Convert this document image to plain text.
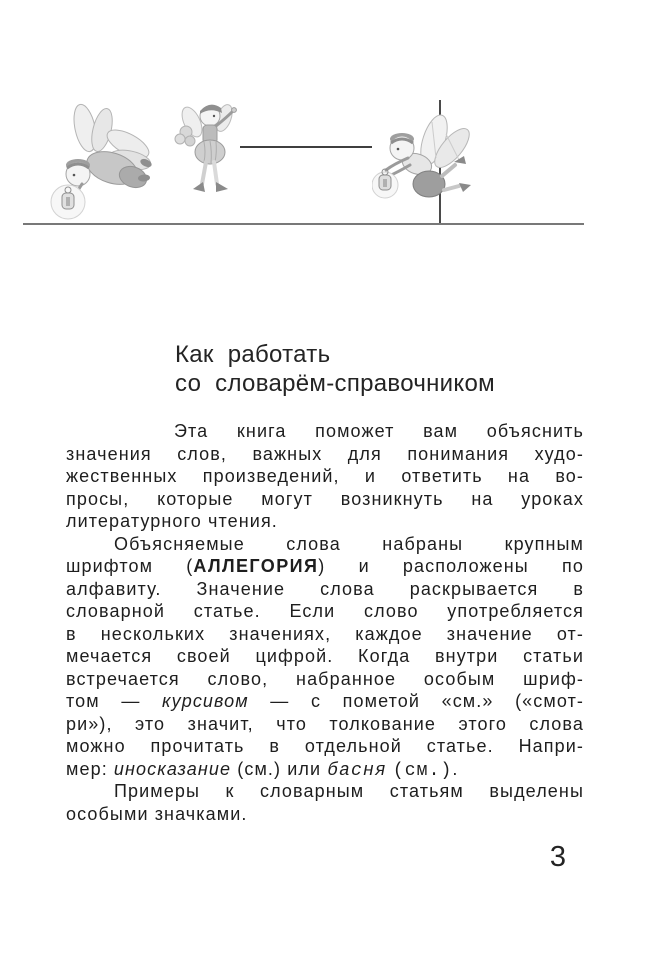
Как работать
со словарём-справочником
Эта книга поможет вам объяснить
значения слов, важных для понимания худо-
жественных произведений, и ответить на во-
просы, которые могут возникнуть на уроках
литературного чтения.
Объясняемые слова набраны крупным
шрифтом (АЛЛЕГОРИЯ) и расположены по
алфавиту. Значение слова раскрывается в
словарной статье. Если слово употребляется
в нескольких значениях, каждое значение от-
мечается своей цифрой. Когда внутри статьи
встречается слово, набранное особым шриф-
том — курсивом — с пометой «см.» («смот-
ри»), это значит, что толкование этого слова
можно прочитать в отдельной статье. Напри-
мер: иносказание (см.) или басня (см.).
Примеры к словарным статьям выделены
особыми значками.
3
